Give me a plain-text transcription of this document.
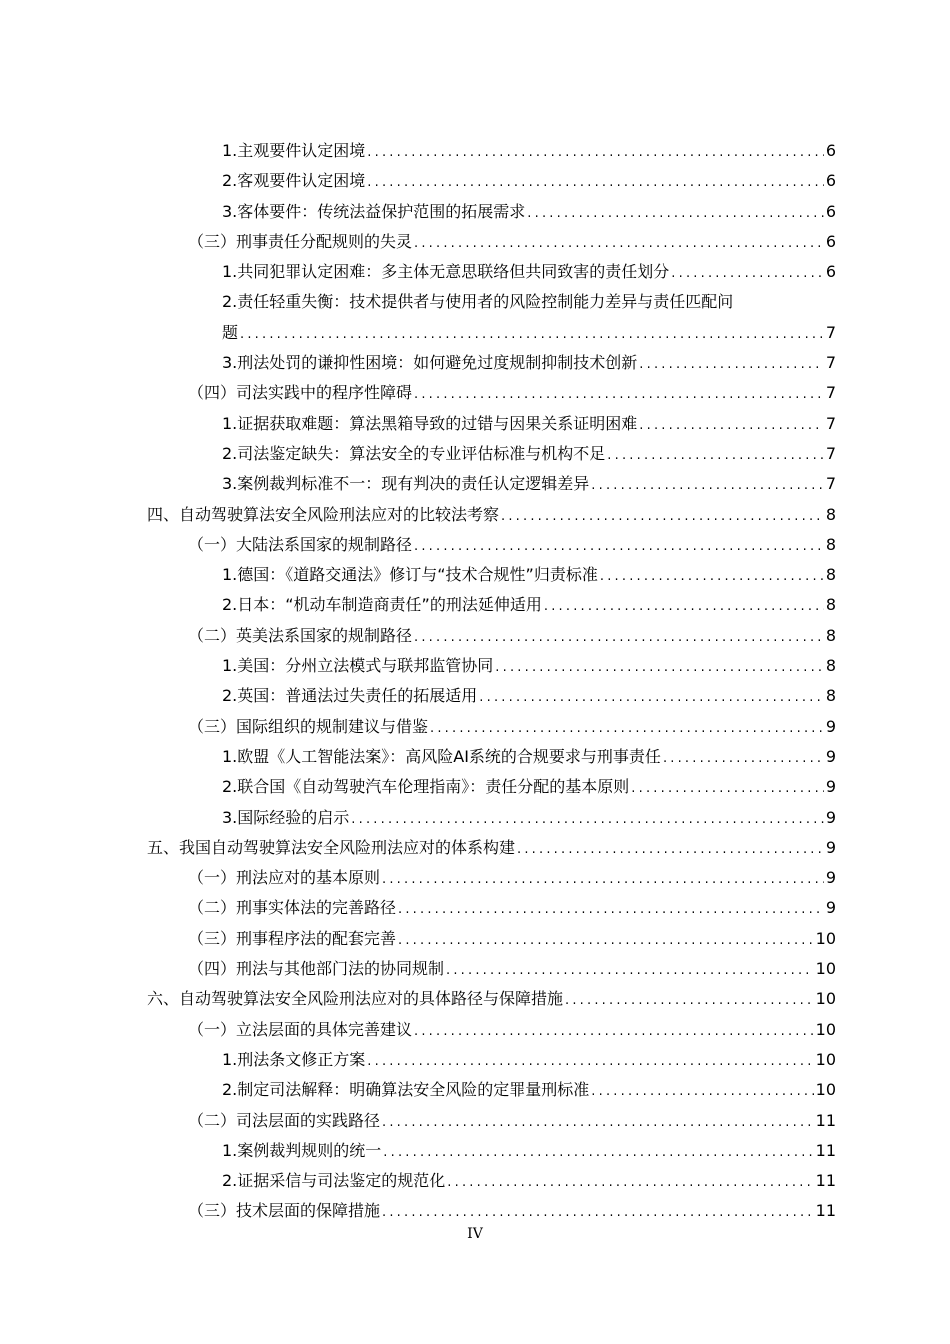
1.主观要件认定困境 .....	6
2.客观要件认定困境 .....	6
3.客体要件：传统法益保护范围的拓展需求 .....	6
（三）刑事责任分配规则的失灵 .....	6
1.共同犯罪认定困难：多主体无意思联络但共同致害的责任划分 .....	6
2.责任轻重失衡：技术提供者与使用者的风险控制能力差异与责任匹配问
题 .....	7
3.刑法处罚的谦抑性困境：如何避免过度规制抑制技术创新 .....	7
（四）司法实践中的程序性障碍 .....	7
1.证据获取难题：算法黑箱导致的过错与因果关系证明困难 .....	7
2.司法鉴定缺失：算法安全的专业评估标准与机构不足 .....	7
3.案例裁判标准不一：现有判决的责任认定逻辑差异 .....	7
四、自动驾驶算法安全风险刑法应对的比较法考察 .....	8
（一）大陆法系国家的规制路径 .....	8
1.德国：《道路交通法》修订与“技术合规性”归责标准 .....	8
2.日本：“机动车制造商责任”的刑法延伸适用 .....	8
（二）英美法系国家的规制路径 .....	8
1.美国：分州立法模式与联邦监管协同 .....	8
2.英国：普通法过失责任的拓展适用 .....	8
（三）国际组织的规制建议与借鉴 .....	9
1.欧盟《人工智能法案》：高风险AI系统的合规要求与刑事责任 .....	9
2.联合国《自动驾驶汽车伦理指南》：责任分配的基本原则 .....	9
3.国际经验的启示 .....	9
五、我国自动驾驶算法安全风险刑法应对的体系构建 .....	9
（一）刑法应对的基本原则 .....	9
（二）刑事实体法的完善路径 .....	9
（三）刑事程序法的配套完善 .....	10
（四）刑法与其他部门法的协同规制 .....	10
六、自动驾驶算法安全风险刑法应对的具体路径与保障措施 .....	10
（一）立法层面的具体完善建议 .....	10
1.刑法条文修正方案 .....	10
2.制定司法解释：明确算法安全风险的定罪量刑标准 .....	10
（二）司法层面的实践路径 .....	11
1.案例裁判规则的统一 .....	11
2.证据采信与司法鉴定的规范化 .....	11
（三）技术层面的保障措施 .....	11
IV
